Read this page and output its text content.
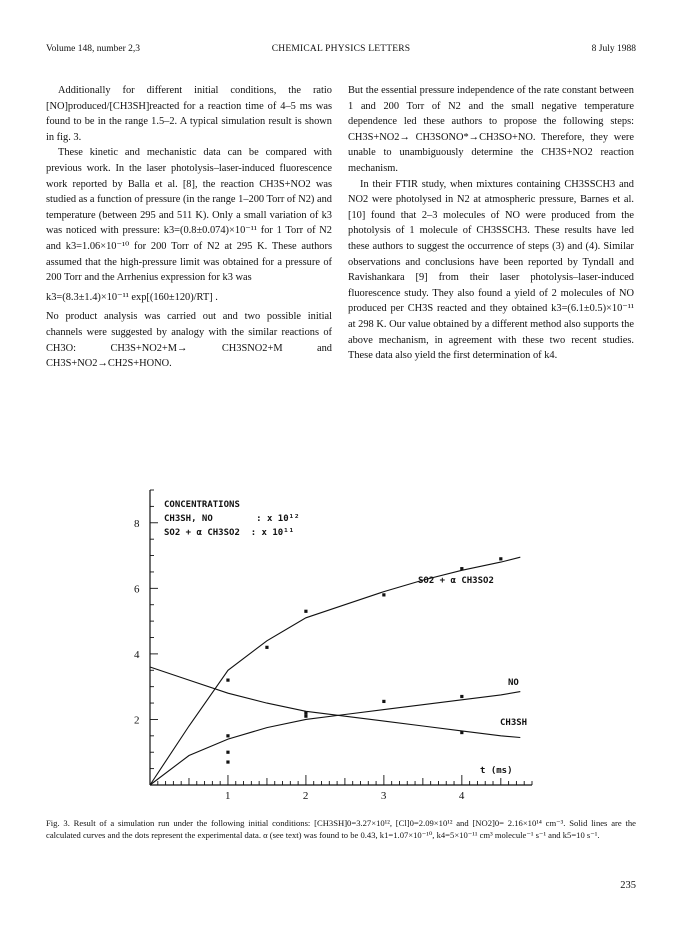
Volume 148, number 2,3	CHEMICAL PHYSICS LETTERS	8 July 1988

Additionally for different initial conditions, the ratio [NO]produced/[CH3SH]reacted for a reaction time of 4–5 ms was found to be in the range 1.5–2. A typical simulation result is shown in fig. 3.

These kinetic and mechanistic data can be compared with previous work. In the laser photolysis–laser-induced fluorescence work reported by Balla et al. [8], the reaction CH3S+NO2 was studied as a function of pressure (in the range 1–200 Torr of N2) and temperature (between 295 and 511 K). Only a small variation of k3 was noticed with pressure: k3=(0.8±0.074)×10⁻¹¹ for 1 Torr of N2 and k3=1.06×10⁻¹⁰ for 200 Torr of N2 at 295 K. These authors assumed that the high-pressure limit was obtained for a pressure of 200 Torr and the Arrhenius expression for k3 was

k3=(8.3±1.4)×10⁻¹¹ exp[(160±120)/RT] .

No product analysis was carried out and two possible initial channels were suggested by analogy with the similar reactions of CH3O: CH3S+NO2+M→ CH3SNO2+M and CH3S+NO2→CH2S+HONO.

But the essential pressure independence of the rate constant between 1 and 200 Torr of N2 and the small negative temperature dependence led these authors to propose the following steps: CH3S+NO2→ CH3SONO*→CH3SO+NO. Therefore, they were unable to unambiguously determine the CH3S+NO2 reaction mechanism.

In their FTIR study, when mixtures containing CH3SSCH3 and NO2 were photolysed in N2 at atmospheric pressure, Barnes et al. [10] found that 2–3 molecules of NO were produced from the photolysis of 1 molecule of CH3SSCH3. These results have led these authors to suggest the occurrence of steps (3) and (4). Similar observations and conclusions have been reported by Tyndall and Ravishankara [9] from their laser photolysis–laser-induced fluorescence study. They also found a yield of 2 molecules of NO produced per CH3S reacted and they obtained k3=(6.1±0.5)×10⁻¹¹ at 298 K. Our value obtained by a different method also supports the above mechanism, in agreement with these two recent studies. These data also yield the first determination of k4.

1	2	3	4
2
4
6
8
CONCENTRATIONS
CH3SH, NO        : x 10¹²
SO2 + α CH3SO2  : x 10¹¹
SO2 + α CH3SO2
NO
CH3SH
t (ms)
Fig. 3. Result of a simulation run under the following initial conditions: [CH3SH]0=3.27×10¹², [Cl]0=2.09×10¹² and [NO2]0= 2.16×10¹⁴ cm⁻³. Solid lines are the calculated curves and the dots represent the experimental data. α (see text) was found to be 0.43, k1=1.07×10⁻¹⁰, k4=5×10⁻¹¹ cm³ molecule⁻¹ s⁻¹ and k5=10 s⁻¹.
235
